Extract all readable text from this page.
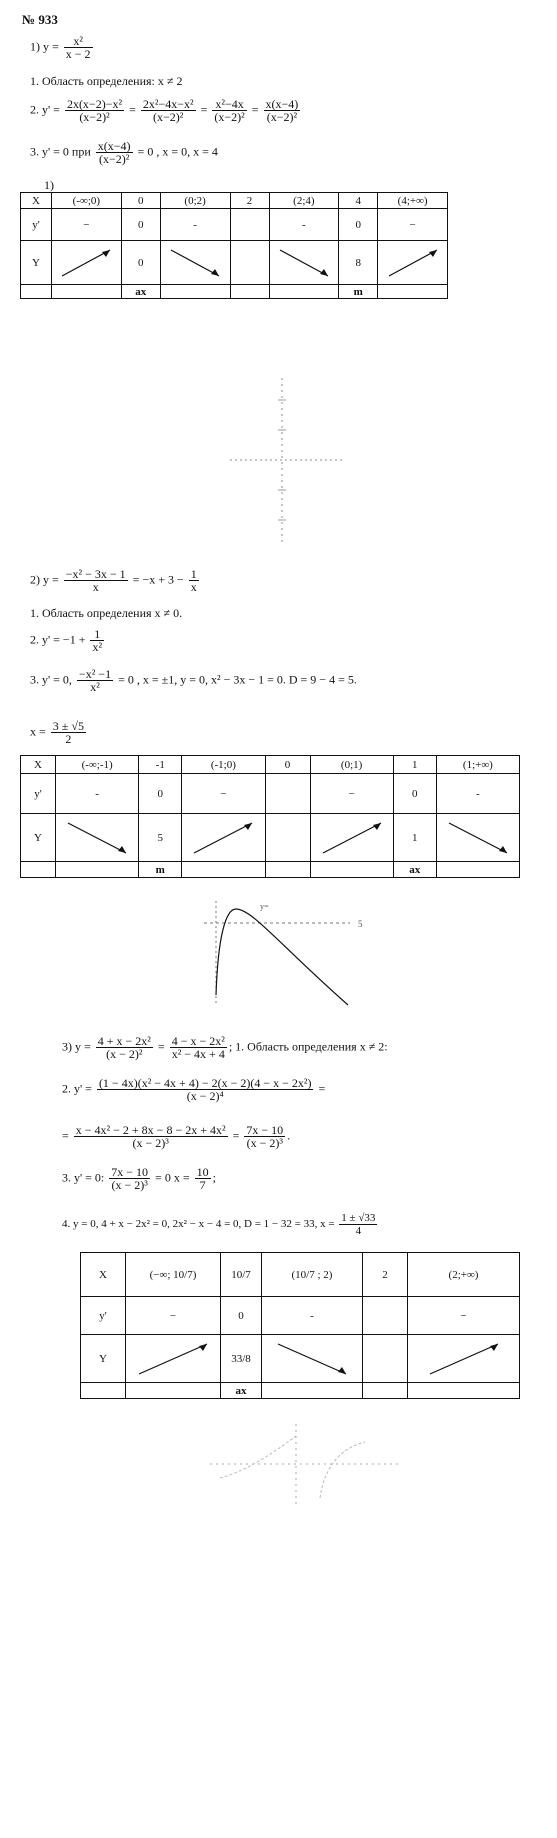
№ 933
1) $y = \frac{\text{x²}}{x - 2}$
1. Область определения: x ≠ 2
2. $y' = \frac{\text{2x(x−2)−x²}}{\text{(x−2)²}} = \frac{\text{2x²−4x−x²}}{\text{(x−2)²}} = \frac{\text{x²−4x}}{\text{(x−2)²}} = \frac{x(x-4)}{\text{(x−2)²}}$
3. y' = 0 при $\frac{x(x-4)}{\text{(x−2)²}} = 0$ , x = 0, x = 4
1)
X	(-∞;0)	0	(0;2)	2	(2;4)	4	(4;+∞)
y'	−	0	-		-	0	−
Y		0				8	

		ax				m	
2) $y = \frac{\text{−x² − 3x − 1}}{x} = -x + 3 - \frac{1}{x}$
1. Область определения x ≠ 0.
2. $y' = -1 + \frac{1}{\text{x²}}$
3. y' = 0, $\frac{\text{−x² −1}}{\text{x²}} = 0$ , x = ±1, y = 0, x² − 3x − 1 = 0. D = 9 − 4 = 5.
$x = \frac{3 \pm √5}{2}$
X	(-∞;-1)	-1	(-1;0)	0	(0;1)	1	(1;+∞)
y'	-	0	−		−	0	-
Y		5				1	

		m				ax	
y=
5
3) $y = \frac{\text{4 + x − 2x²}}{\text{(x − 2)²}} = \frac{\text{4 − x − 2x²}}{\text{x² − 4x + 4}}$ ; 1. Область определения x ≠ 2:
2. $y' = \frac{\text{(1 − 4x)(x² − 4x + 4) − 2(x − 2)(4 − x − 2x²)}}{\text{(x − 2)⁴}}$ =
= $\frac{\text{x − 4x² − 2 + 8x − 8 − 2x + 4x²}}{\text{(x − 2)³}} = \frac{7x - 10}{\text{(x − 2)³}}$ .
3. y' = 0: $\frac{7x - 10}{\text{(x − 2)³}} = 0$ $x = \frac{10}{7}$ ;
4. y = 0, 4 + x − 2x² = 0, 2x² − x − 4 = 0, D = 1 − 32 = 33, $x = \frac{1 \pm √33}{4}$
X	(−∞; 10/7)	10/7	(10/7 ; 2)	2	(2;+∞)
y'	−	0	-		−
Y		33/8	

		ax			
